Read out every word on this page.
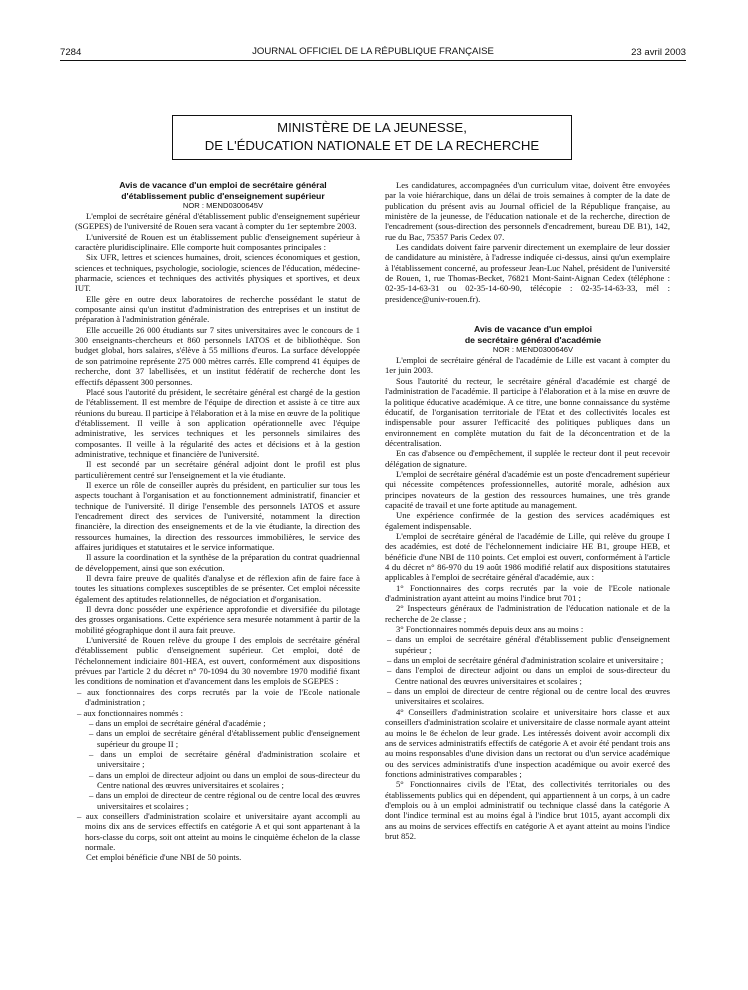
7284	JOURNAL OFFICIEL DE LA RÉPUBLIQUE FRANÇAISE	23 avril 2003
MINISTÈRE DE LA JEUNESSE,
DE L'ÉDUCATION NATIONALE ET DE LA RECHERCHE

Avis de vacance d'un emploi de secrétaire général

d'établissement public d'enseignement supérieur

NOR : MEND0300645V

L'emploi de secrétaire général d'établissement public d'enseignement supérieur (SGEPES) de l'université de Rouen sera vacant à compter du 1er septembre 2003.

L'université de Rouen est un établissement public d'enseignement supérieur à caractère pluridisciplinaire. Elle comporte huit composantes principales :

Six UFR, lettres et sciences humaines, droit, sciences économiques et gestion, sciences et techniques, psychologie, sociologie, sciences de l'éducation, médecine-pharmacie, sciences et techniques des activités physiques et sportives, et deux IUT.

Elle gère en outre deux laboratoires de recherche possédant le statut de composante ainsi qu'un institut d'administration des entreprises et un institut de préparation à l'administration générale.

Elle accueille 26 000 étudiants sur 7 sites universitaires avec le concours de 1 300 enseignants-chercheurs et 860 personnels IATOS et de bibliothèque. Son budget global, hors salaires, s'élève à 55 millions d'euros. La surface développée de son patrimoine représente 275 000 mètres carrés. Elle comprend 41 équipes de recherche, dont 37 labellisées, et un institut fédératif de recherche dont les effectifs dépassent 300 personnes.

Placé sous l'autorité du président, le secrétaire général est chargé de la gestion de l'établissement. Il est membre de l'équipe de direction et assiste à ce titre aux réunions du bureau. Il participe à l'élaboration et à la mise en œuvre de la politique d'établissement. Il veille à son application opérationnelle avec l'équipe administrative, les services techniques et les personnels similaires des composantes. Il veille à la régularité des actes et décisions et à la gestion administrative, technique et financière de l'université.

Il est secondé par un secrétaire général adjoint dont le profil est plus particulièrement centré sur l'enseignement et la vie étudiante.

Il exerce un rôle de conseiller auprès du président, en particulier sur tous les aspects touchant à l'organisation et au fonctionnement administratif, financier et technique de l'université. Il dirige l'ensemble des personnels IATOS et assure l'encadrement direct des services de l'université, notamment la direction financière, la direction des enseignements et de la vie étudiante, la direction des ressources humaines, la direction des ressources immobilières, le service des affaires juridiques et statutaires et le service informatique.

Il assure la coordination et la synthèse de la préparation du contrat quadriennal de développement, ainsi que son exécution.

Il devra faire preuve de qualités d'analyse et de réflexion afin de faire face à toutes les situations complexes susceptibles de se présenter. Cet emploi nécessite également des aptitudes relationnelles, de négociation et d'organisation.

Il devra donc posséder une expérience approfondie et diversifiée du pilotage des grosses organisations. Cette expérience sera mesurée notamment à partir de la mobilité géographique dont il aura fait preuve.

L'université de Rouen relève du groupe I des emplois de secrétaire général d'établissement public d'enseignement supérieur. Cet emploi, doté de l'échelonnement indiciaire 801-HEA, est ouvert, conformément aux dispositions prévues par l'article 2 du décret n° 70-1094 du 30 novembre 1970 modifié fixant les conditions de nomination et d'avancement dans les emplois de SGEPES :

– aux fonctionnaires des corps recrutés par la voie de l'Ecole nationale d'administration ;

– aux fonctionnaires nommés :

– dans un emploi de secrétaire général d'académie ;

– dans un emploi de secrétaire général d'établissement public d'enseignement supérieur du groupe II ;

– dans un emploi de secrétaire général d'administration scolaire et universitaire ;

– dans un emploi de directeur adjoint ou dans un emploi de sous-directeur du Centre national des œuvres universitaires et scolaires ;

– dans un emploi de directeur de centre régional ou de centre local des œuvres universitaires et scolaires ;

– aux conseillers d'administration scolaire et universitaire ayant accompli au moins dix ans de services effectifs en catégorie A et qui sont appartenant à la hors-classe du corps, soit ont atteint au moins le cinquième échelon de la classe normale.

Cet emploi bénéficie d'une NBI de 50 points.

Les candidatures, accompagnées d'un curriculum vitae, doivent être envoyées par la voie hiérarchique, dans un délai de trois semaines à compter de la date de publication du présent avis au Journal officiel de la République française, au ministère de la jeunesse, de l'éducation nationale et de la recherche, direction de l'encadrement (sous-direction des personnels d'encadrement, bureau DE B1), 142, rue du Bac, 75357 Paris Cedex 07.

Les candidats doivent faire parvenir directement un exemplaire de leur dossier de candidature au ministère, à l'adresse indiquée ci-dessus, ainsi qu'un exemplaire à l'établissement concerné, au professeur Jean-Luc Nahel, président de l'université de Rouen, 1, rue Thomas-Becket, 76821 Mont-Saint-Aignan Cedex (téléphone : 02-35-14-63-31 ou 02-35-14-60-90, télécopie : 02-35-14-63-33, mél : presidence@univ-rouen.fr).

Avis de vacance d'un emploi

de secrétaire général d'académie

NOR : MEND0300646V

L'emploi de secrétaire général de l'académie de Lille est vacant à compter du 1er juin 2003.

Sous l'autorité du recteur, le secrétaire général d'académie est chargé de l'administration de l'académie. Il participe à l'élaboration et à la mise en œuvre de la politique éducative académique. A ce titre, une bonne connaissance du système éducatif, de l'organisation territoriale de l'Etat et des collectivités locales est indispensable pour assurer l'efficacité des politiques publiques dans un environnement en complète mutation du fait de la déconcentration et de la décentralisation.

En cas d'absence ou d'empêchement, il supplée le recteur dont il peut recevoir délégation de signature.

L'emploi de secrétaire général d'académie est un poste d'encadrement supérieur qui nécessite compétences professionnelles, autorité morale, adhésion aux principes novateurs de la gestion des ressources humaines, une très grande capacité de travail et une forte aptitude au management.

Une expérience confirmée de la gestion des services académiques est également indispensable.

L'emploi de secrétaire général de l'académie de Lille, qui relève du groupe I des académies, est doté de l'échelonnement indiciaire HE B1, groupe HEB, et bénéficie d'une NBI de 110 points. Cet emploi est ouvert, conformément à l'article 4 du décret n° 86-970 du 19 août 1986 modifié relatif aux dispositions statutaires applicables à l'emploi de secrétaire général d'académie, aux :

1° Fonctionnaires des corps recrutés par la voie de l'Ecole nationale d'administration ayant atteint au moins l'indice brut 701 ;

2° Inspecteurs généraux de l'administration de l'éducation nationale et de la recherche de 2e classe ;

3° Fonctionnaires nommés depuis deux ans au moins :

– dans un emploi de secrétaire général d'établissement public d'enseignement supérieur ;

– dans un emploi de secrétaire général d'administration scolaire et universitaire ;

– dans l'emploi de directeur adjoint ou dans un emploi de sous-directeur du Centre national des œuvres universitaires et scolaires ;

– dans un emploi de directeur de centre régional ou de centre local des œuvres universitaires et scolaires.

4° Conseillers d'administration scolaire et universitaire hors classe et aux conseillers d'administration scolaire et universitaire de classe normale ayant atteint au moins le 8e échelon de leur grade. Les intéressés doivent avoir accompli dix ans de services administratifs effectifs de catégorie A et avoir été pendant trois ans au moins responsables d'une division dans un rectorat ou d'un service académique ou des services administratifs d'une inspection académique ou avoir exercé des fonctions administratives comparables ;

5° Fonctionnaires civils de l'Etat, des collectivités territoriales ou des établissements publics qui en dépendent, qui appartiennent à un corps, à un cadre d'emplois ou à un emploi administratif ou technique classé dans la catégorie A dont l'indice terminal est au moins égal à l'indice brut 1015, ayant accompli dix ans au moins de services effectifs en catégorie A et ayant atteint au moins l'indice brut 852.
